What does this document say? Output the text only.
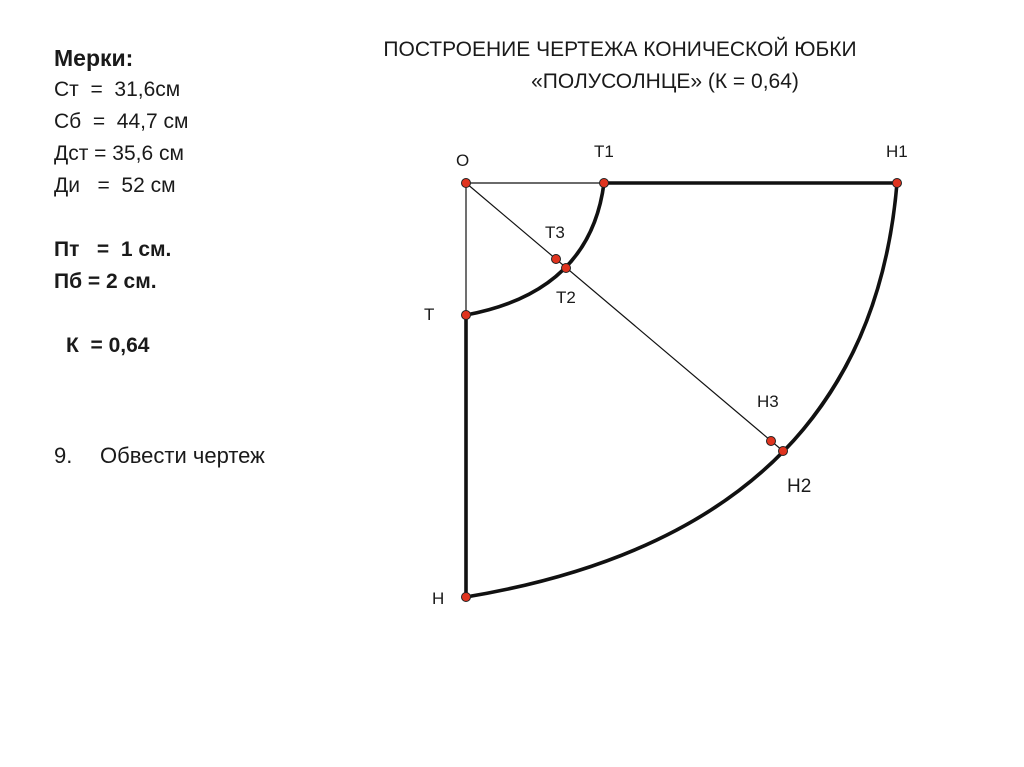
ПОСТРОЕНИЕ ЧЕРТЕЖА КОНИЧЕСКОЙ ЮБКИ
«ПОЛУСОЛНЦЕ» (К = 0,64)
Мерки:
Ст  =  31,6см
Сб  =  44,7 см
Дст = 35,6 см
Ди   =  52 см
Пт   =  1 см.
Пб = 2 см.
К  = 0,64
9. Обвести чертеж
О	Т1	Н1
Т3
Т2
Т
Н3
Н2
Н
